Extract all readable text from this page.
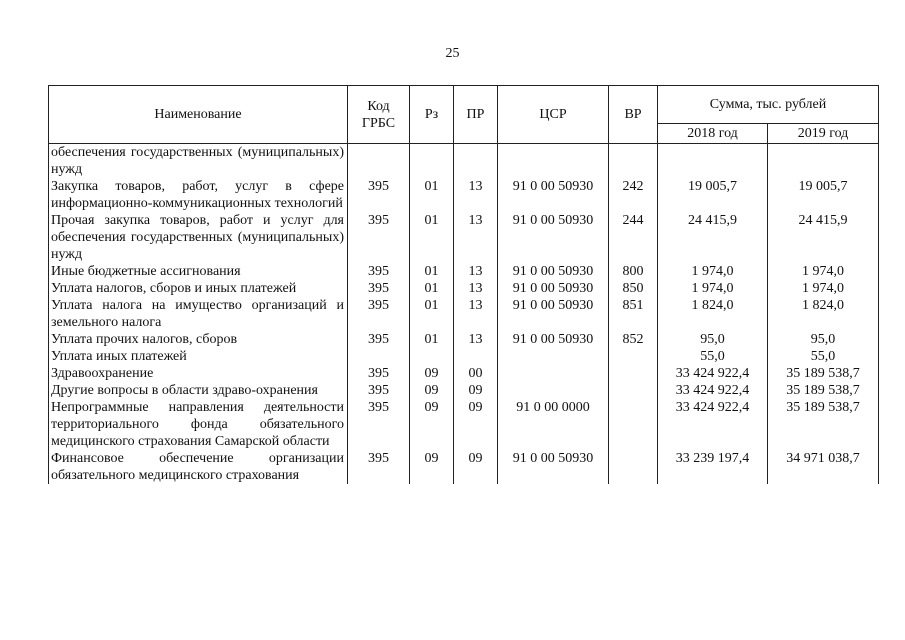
25
Наименование	Код ГРБС	Рз	ПР	ЦСР	ВР	Сумма, тыс. рублей	
						2018 год	2019 год
обеспечения государственных (муниципальных) нужд							
Закупка товаров, работ, услуг в сфере информационно-коммуникационных технологий	395	01	13	91 0 00 50930	242	19 005,7	19 005,7
Прочая закупка товаров, работ и услуг для обеспечения государственных (муниципальных) нужд	395	01	13	91 0 00 50930	244	24 415,9	24 415,9
Иные бюджетные ассигнования	395	01	13	91 0 00 50930	800	1 974,0	1 974,0
Уплата налогов, сборов и иных платежей	395	01	13	91 0 00 50930	850	1 974,0	1 974,0
Уплата налога на имущество организаций и земельного налога	395	01	13	91 0 00 50930	851	1 824,0	1 824,0
Уплата прочих налогов, сборов	395	01	13	91 0 00 50930	852	95,0	95,0
Уплата иных платежей						55,0	55,0
Здравоохранение	395	09	00			33 424 922,4	35 189 538,7
Другие вопросы в области здраво-охранения	395	09	09			33 424 922,4	35 189 538,7
Непрограммные направления деятельности территориального фонда обязательного медицинского страхования Самарской области	395	09	09	91 0 00 0000		33 424 922,4	35 189 538,7
Финансовое обеспечение организации обязательного медицинского страхования	395	09	09	91 0 00 50930		33 239 197,4	34 971 038,7
